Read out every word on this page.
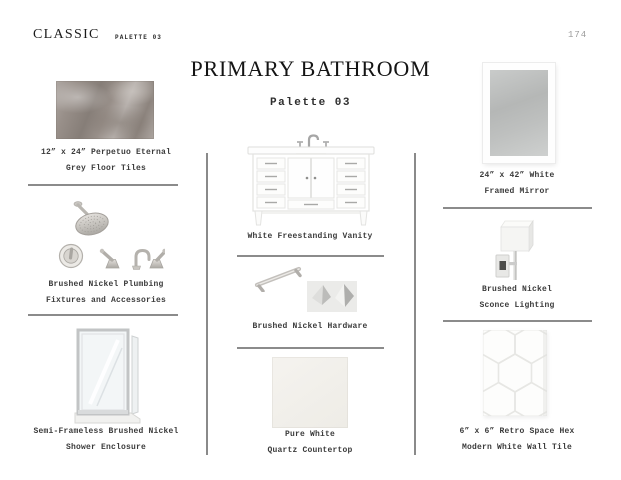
CLASSIC	PALETTE 03	174
PRIMARY BATHROOM
Palette 03
12” x 24” Perpetuo Eternal
Grey Floor Tiles
Brushed Nickel Plumbing
Fixtures and Accessories
Semi-Frameless Brushed Nickel
Shower Enclosure
White Freestanding Vanity
Brushed Nickel Hardware
Pure White
Quartz Countertop
24” x 42” White
Framed Mirror
Brushed Nickel
Sconce Lighting
6” x 6” Retro Space Hex
Modern White Wall Tile
